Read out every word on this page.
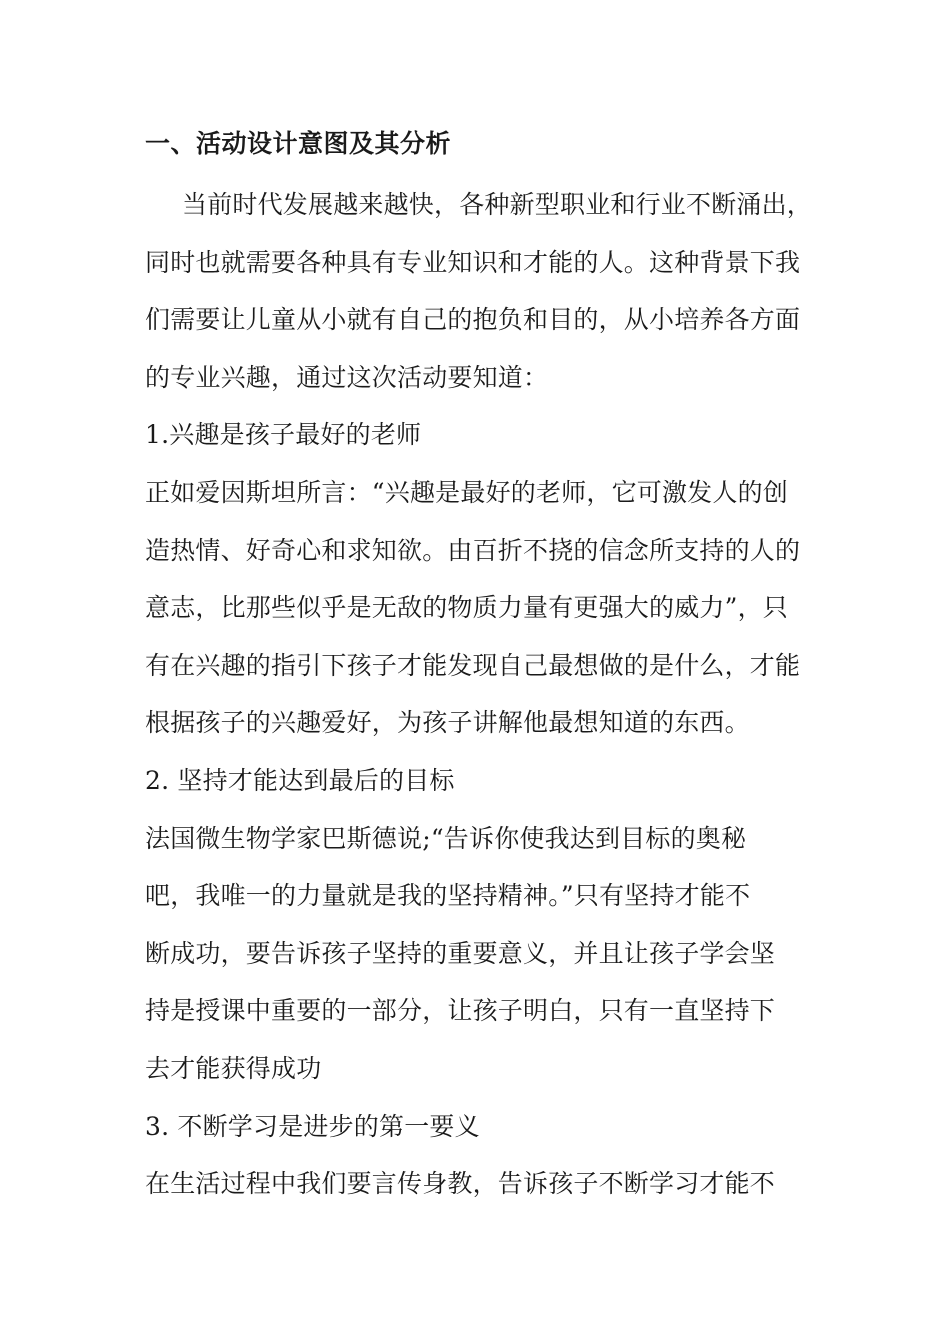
一、活动设计意图及其分析
当前时代发展越来越快，各种新型职业和行业不断涌出，
同时也就需要各种具有专业知识和才能的人。这种背景下我
们需要让儿童从小就有自己的抱负和目的，从小培养各方面
的专业兴趣，通过这次活动要知道：
1.兴趣是孩子最好的老师
正如爱因斯坦所言：“兴趣是最好的老师，它可激发人的创
造热情、好奇心和求知欲。由百折不挠的信念所支持的人的
意志，比那些似乎是无敌的物质力量有更强大的威力”，只
有在兴趣的指引下孩子才能发现自己最想做的是什么，才能
根据孩子的兴趣爱好，为孩子讲解他最想知道的东西。
2. 坚持才能达到最后的目标
法国微生物学家巴斯德说;“告诉你使我达到目标的奥秘
吧，我唯一的力量就是我的坚持精神。”只有坚持才能不
断成功，要告诉孩子坚持的重要意义，并且让孩子学会坚
持是授课中重要的一部分，让孩子明白，只有一直坚持下
去才能获得成功
3. 不断学习是进步的第一要义
在生活过程中我们要言传身教，告诉孩子不断学习才能不
